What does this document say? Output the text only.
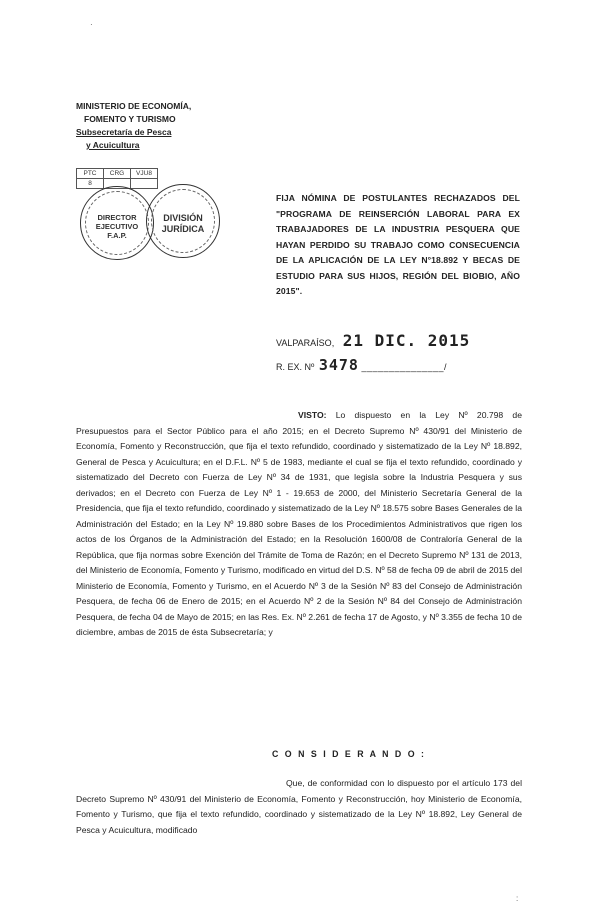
·
MINISTERIO DE ECONOMÍA,
FOMENTO Y TURISMO
Subsecretaría de Pesca
y Acuicultura
PTC	CRG	VJU8
8		
DIRECTOR
EJECUTIVO
F.A.P.
DIVISIÓN
JURÍDICA
FIJA NÓMINA DE POSTULANTES RECHAZADOS DEL "PROGRAMA DE REINSERCIÓN LABORAL PARA EX TRABAJADORES DE LA INDUSTRIA PESQUERA QUE HAYAN PERDIDO SU TRABAJO COMO CONSECUENCIA DE LA APLICACIÓN DE LA LEY N°18.892 Y BECAS DE ESTUDIO PARA SUS HIJOS, REGIÓN DEL BIOBIO, AÑO 2015".
VALPARAÍSO, 21 DIC. 2015
R. EX. Nº 3478 _______________/
VISTO: Lo dispuesto en la Ley Nº 20.798 de Presupuestos para el Sector Público para el año 2015; en el Decreto Supremo Nº 430/91 del Ministerio de Economía, Fomento y Reconstrucción, que fija el texto refundido, coordinado y sistematizado de la Ley Nº 18.892, General de Pesca y Acuicultura; en el D.F.L. Nº 5 de 1983, mediante el cual se fija el texto refundido, coordinado y sistematizado del Decreto con Fuerza de Ley Nº 34 de 1931, que legisla sobre la Industria Pesquera y sus derivados; en el Decreto con Fuerza de Ley Nº 1 - 19.653 de 2000, del Ministerio Secretaría General de la Presidencia, que fija el texto refundido, coordinado y sistematizado de la Ley Nº 18.575 sobre Bases Generales de la Administración del Estado; en la Ley Nº 19.880 sobre Bases de los Procedimientos Administrativos que rigen los actos de los Órganos de la Administración del Estado; en la Resolución 1600/08 de Contraloría General de la República, que fija normas sobre Exención del Trámite de Toma de Razón; en el Decreto Supremo Nº 131 de 2013, del Ministerio de Economía, Fomento y Turismo, modificado en virtud del D.S. Nº 58 de fecha 09 de abril de 2015 del Ministerio de Economía, Fomento y Turismo, en el Acuerdo Nº 3 de la Sesión Nº 83 del Consejo de Administración Pesquera, de fecha 06 de Enero de 2015; en el Acuerdo Nº 2 de la Sesión Nº 84 del Consejo de Administración Pesquera, de fecha 04 de Mayo de 2015; en las Res. Ex. Nº 2.261 de fecha 17 de Agosto, y Nº 3.355 de fecha 10 de diciembre, ambas de 2015 de ésta Subsecretaría; y
C O N S I D E R A N D O :
Que, de conformidad con lo dispuesto por el artículo 173 del Decreto Supremo Nº 430/91 del Ministerio de Economía, Fomento y Reconstrucción, hoy Ministerio de Economía, Fomento y Turismo, que fija el texto refundido, coordinado y sistematizado de la Ley Nº 18.892, Ley General de Pesca y Acuicultura, modificado
:
